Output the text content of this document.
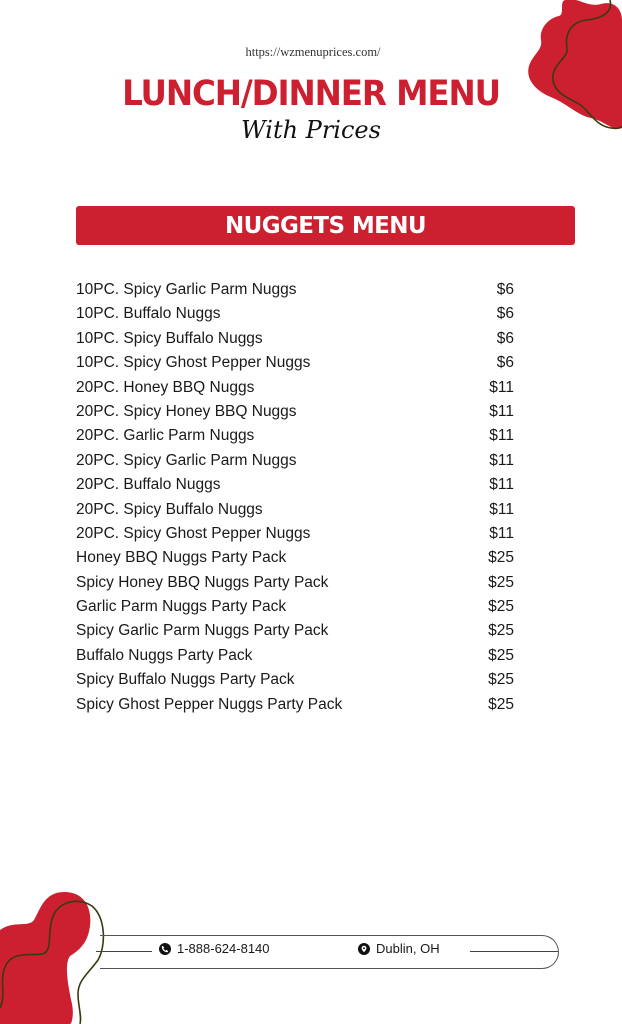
https://wzmenuprices.com/
LUNCH/DINNER MENU
With Prices
NUGGETS MENU
10PC. Spicy Garlic Parm Nuggs	$6
10PC. Buffalo Nuggs	$6
10PC. Spicy Buffalo Nuggs	$6
10PC. Spicy Ghost Pepper Nuggs	$6
20PC. Honey BBQ Nuggs	$11
20PC. Spicy Honey BBQ Nuggs	$11
20PC. Garlic Parm Nuggs	$11
20PC. Spicy Garlic Parm Nuggs	$11
20PC. Buffalo Nuggs	$11
20PC. Spicy Buffalo Nuggs	$11
20PC. Spicy Ghost Pepper Nuggs	$11
Honey BBQ Nuggs Party Pack	$25
Spicy Honey BBQ Nuggs Party Pack	$25
Garlic Parm Nuggs Party Pack	$25
Spicy Garlic Parm Nuggs Party Pack	$25
Buffalo Nuggs Party Pack	$25
Spicy Buffalo Nuggs Party Pack	$25
Spicy Ghost Pepper Nuggs Party Pack	$25
1-888-624-8140	Dublin, OH
